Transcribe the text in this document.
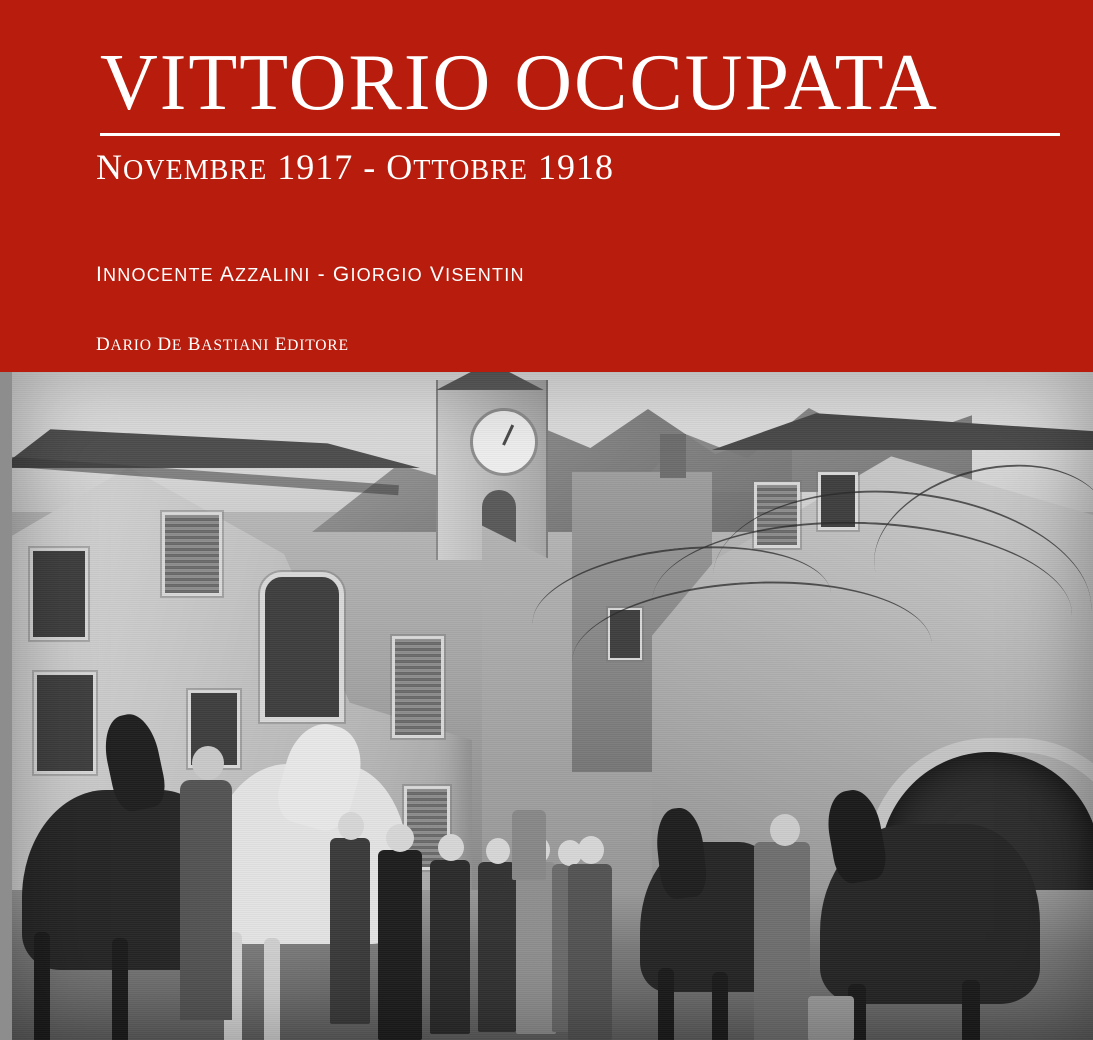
VITTORIO OCCUPATA
NOVEMBRE 1917 - OTTOBRE 1918
INNOCENTE AZZALINI - GIORGIO VISENTIN
DARIO DE BASTIANI EDITORE
